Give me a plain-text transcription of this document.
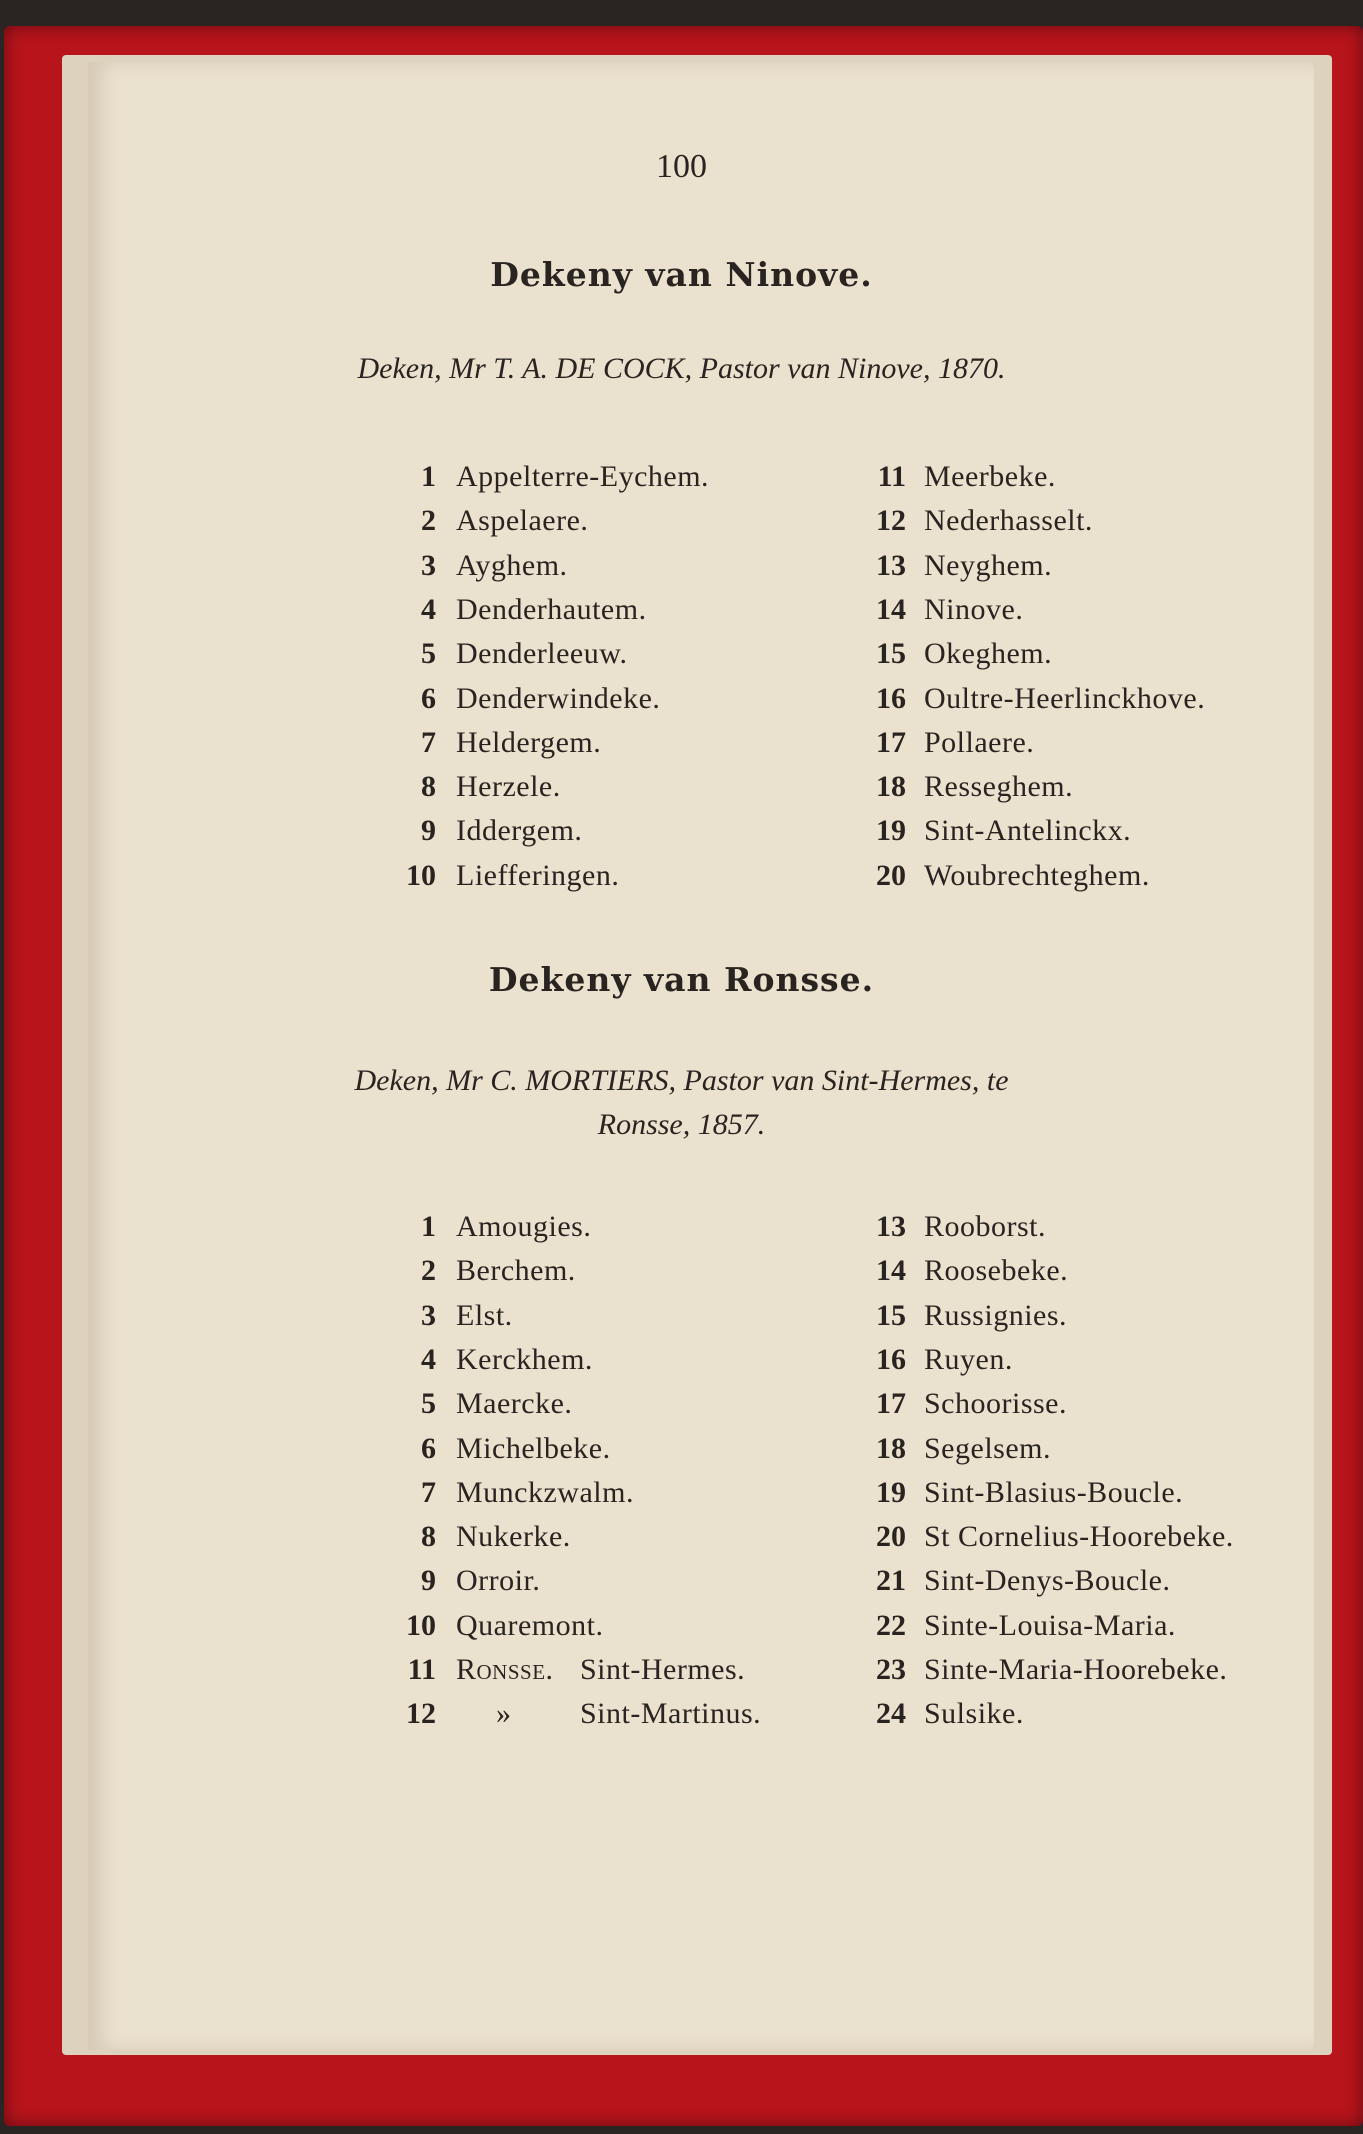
100
Dekeny van Ninove.
Deken, Mr T. A. DE COCK, Pastor van Ninove, 1870.
1 Appelterre-Eychem.
2 Aspelaere.
3 Ayghem.
4 Denderhautem.
5 Denderleeuw.
6 Denderwindeke.
7 Heldergem.
8 Herzele.
9 Iddergem.
10 Liefferingen.
11 Meerbeke.
12 Nederhasselt.
13 Neyghem.
14 Ninove.
15 Okeghem.
16 Oultre-Heerlinckhove.
17 Pollaere.
18 Resseghem.
19 Sint-Antelinckx.
20 Woubrechteghem.
Dekeny van Ronsse.
Deken, Mr C. MORTIERS, Pastor van Sint-Hermes, te
Ronsse, 1857.
1 Amougies.
2 Berchem.
3 Elst.
4 Kerckhem.
5 Maercke.
6 Michelbeke.
7 Munckzwalm.
8 Nukerke.
9 Orroir.
10 Quaremont.
11 Ronsse. Sint-Hermes.
12 » Sint-Martinus.
13 Rooborst.
14 Roosebeke.
15 Russignies.
16 Ruyen.
17 Schoorisse.
18 Segelsem.
19 Sint-Blasius-Boucle.
20 St Cornelius-Hoorebeke.
21 Sint-Denys-Boucle.
22 Sinte-Louisa-Maria.
23 Sinte-Maria-Hoorebeke.
24 Sulsike.
